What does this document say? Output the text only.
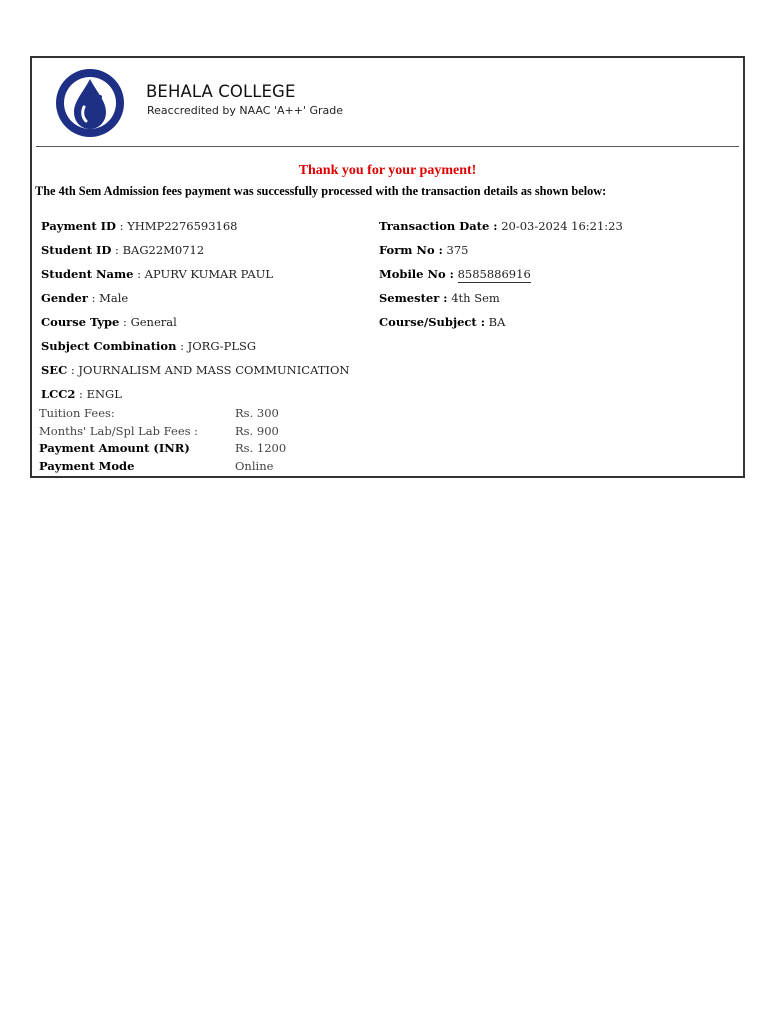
BEHALA COLLEGE
Reaccredited by NAAC 'A++' Grade
Thank you for your payment!
The 4th Sem Admission fees payment was successfully processed with the transaction details as shown below:
Payment ID : YHMP2276593168
Student ID : BAG22M0712
Student Name : APURV KUMAR PAUL
Gender : Male
Course Type : General
Subject Combination : JORG-PLSG
SEC : JOURNALISM AND MASS COMMUNICATION
LCC2 : ENGL
Transaction Date : 20-03-2024 16:21:23
Form No : 375
Mobile No : 8585886916
Semester : 4th Sem
Course/Subject : BA
Tuition Fees:	Rs. 300
Months' Lab/Spl Lab Fees :	Rs. 900
Payment Amount (INR)	Rs. 1200
Payment Mode	Online
